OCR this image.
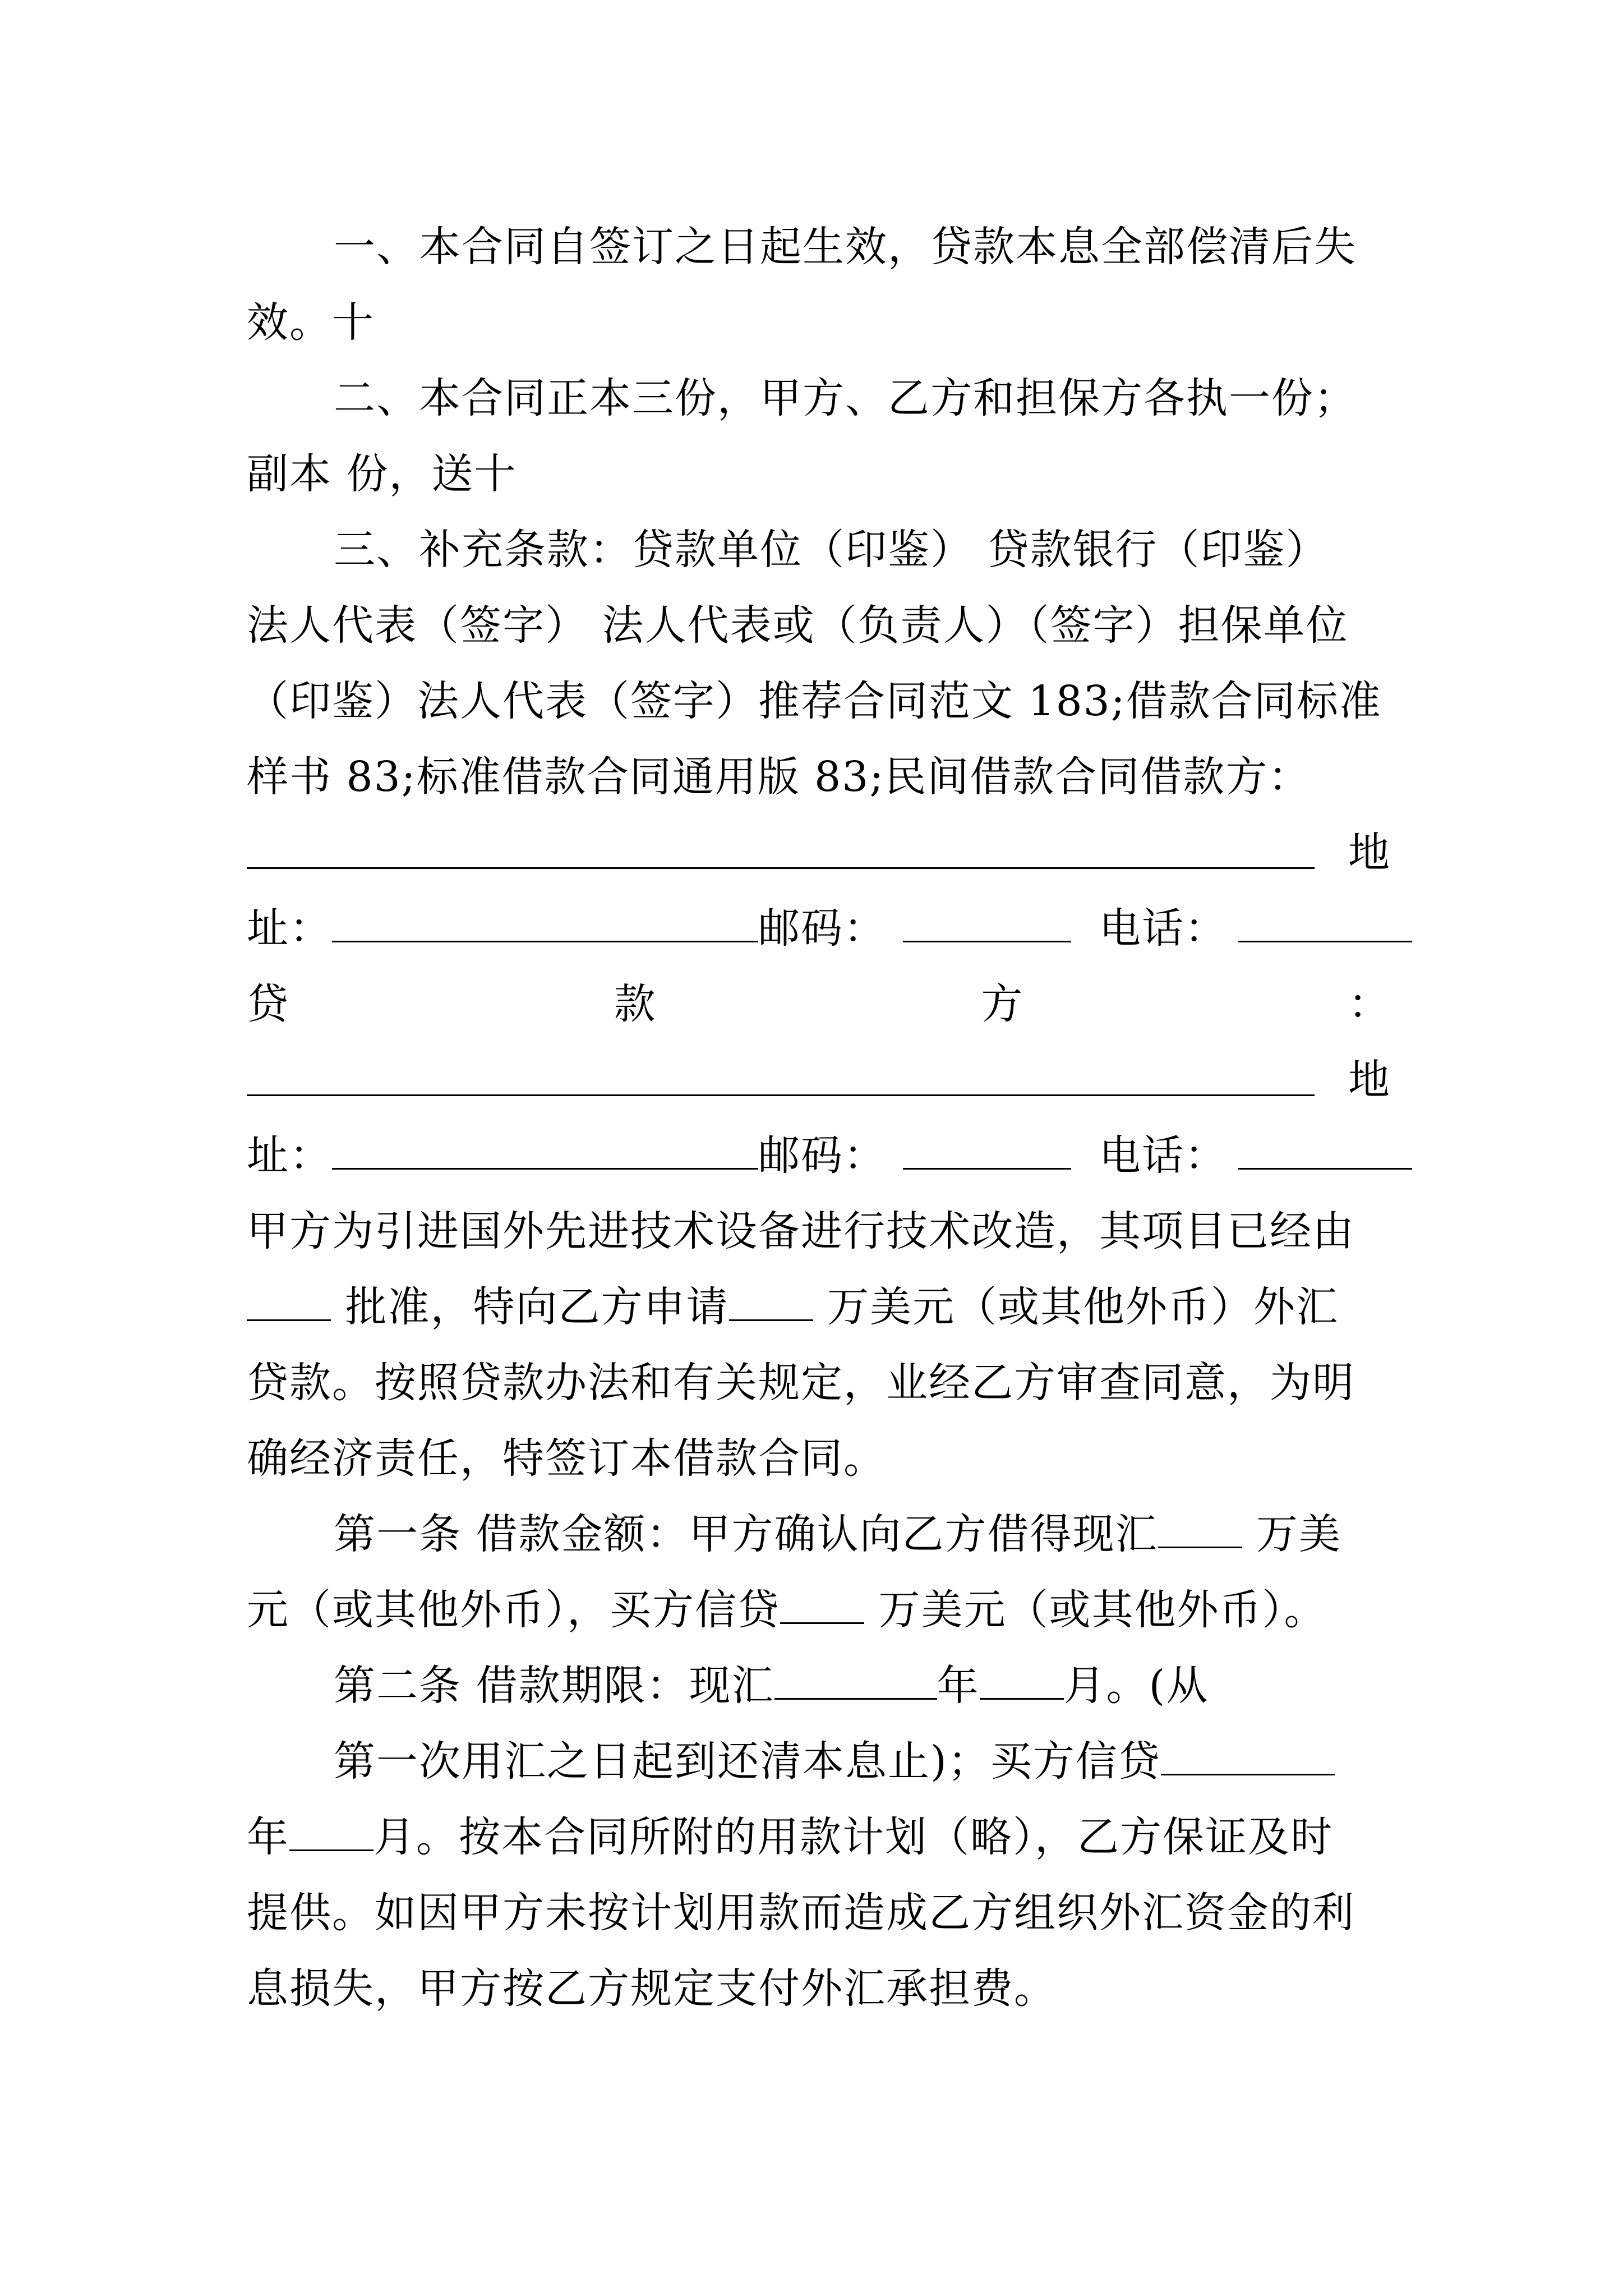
一、本合同自签订之日起生效，贷款本息全部偿清后失
效。十
二、本合同正本三份，甲方、乙方和担保方各执一份；
副本 份，送十
三、补充条款：贷款单位（印鉴） 贷款银行（印鉴）
法人代表（签字） 法人代表或（负责人）（签字）担保单位
（印鉴）法人代表（签字）推荐合同范文 183;借款合同标准
样书 83;标准借款合同通用版 83;民间借款合同借款方：
地
址：	邮码：	电话：
贷	款	方	：
地
址：	邮码：	电话：
甲方为引进国外先进技术设备进行技术改造，其项目已经由
批准，特向乙方申请 万美元（或其他外币）外汇
贷款。按照贷款办法和有关规定，业经乙方审查同意，为明
确经济责任，特签订本借款合同。
第一条 借款金额：甲方确认向乙方借得现汇 万美
元（或其他外币），买方信贷 万美元（或其他外币）。
第二条 借款期限：现汇	年 月。(从
第一次用汇之日起到还清本息止)；买方信贷
年 月。按本合同所附的用款计划（略），乙方保证及时
提供。如因甲方未按计划用款而造成乙方组织外汇资金的利
息损失，甲方按乙方规定支付外汇承担费。
